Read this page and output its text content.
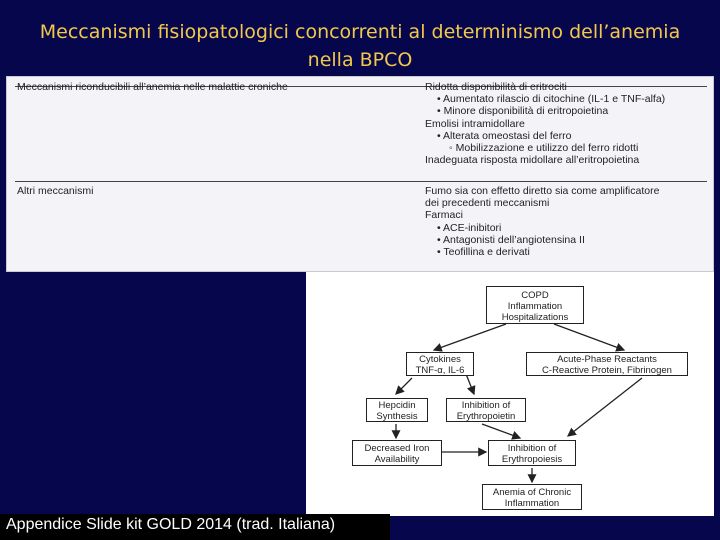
Meccanismi fisiopatologici concorrenti al determinismo dell’anemia
nella BPCO
Meccanismi riconducibili all’anemia nelle malattie croniche	Ridotta disponibilità di eritrociti
• Aumentato rilascio di citochine (IL-1 e TNF-alfa)
• Minore disponibilità di eritropoietina
Emolisi intramidollare
• Alterata omeostasi del ferro
◦ Mobilizzazione e utilizzo del ferro ridotti
Inadeguata risposta midollare all’eritropoietina
Altri meccanismi	Fumo sia con effetto diretto sia come amplificatore
dei precedenti meccanismi
Farmaci
• ACE-inibitori
• Antagonisti dell’angiotensina II
• Teofillina e derivati
COPD
Inflammation
Hospitalizations
Cytokines
TNF-α, IL-6
Acute-Phase Reactants
C-Reactive Protein, Fibrinogen
Hepcidin
Synthesis
Inhibition of
Erythropoietin
Decreased Iron
Availability
Inhibition of
Erythropoiesis
Anemia of Chronic
Inflammation
Appendice Slide kit GOLD 2014 (trad. Italiana)
